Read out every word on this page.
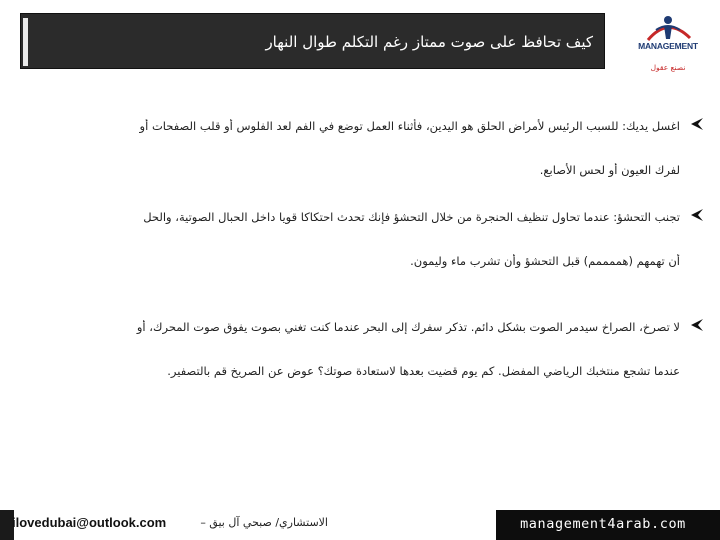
كيف تحافظ على صوت ممتاز رغم التكلم طوال النهار	MANAGEMENT
نصنع عقول
اغسل يديك: للسبب الرئيس لأمراض الحلق هو اليدين، فأثناء العمل توضع في الفم لعد الفلوس أو قلب الصفحات أو
لفرك العيون أو لحس الأصابع.
تجنب التحشؤ: عندما تحاول تنظيف الحنجرة من خلال التحشؤ فإنك تحدث احتكاكا قويا داخل الحبال الصوتية، والحل
أن تهمهم (هممممم) قبل التحشؤ وأن تشرب ماء وليمون.
لا تصرخ، الصراخ سيدمر الصوت بشكل دائم. تذكر سفرك إلى البحر عندما كنت تغني بصوت يفوق صوت المحرك، أو
عندما تشجع منتخبك الرياضي المفضل. كم يوم قضيت بعدها لاستعادة صوتك؟ عوض عن الصريخ قم بالتصفير.
ilovedubai@outlook.com	الاستشاري/ صبحي آل بيق –	management4arab.com
